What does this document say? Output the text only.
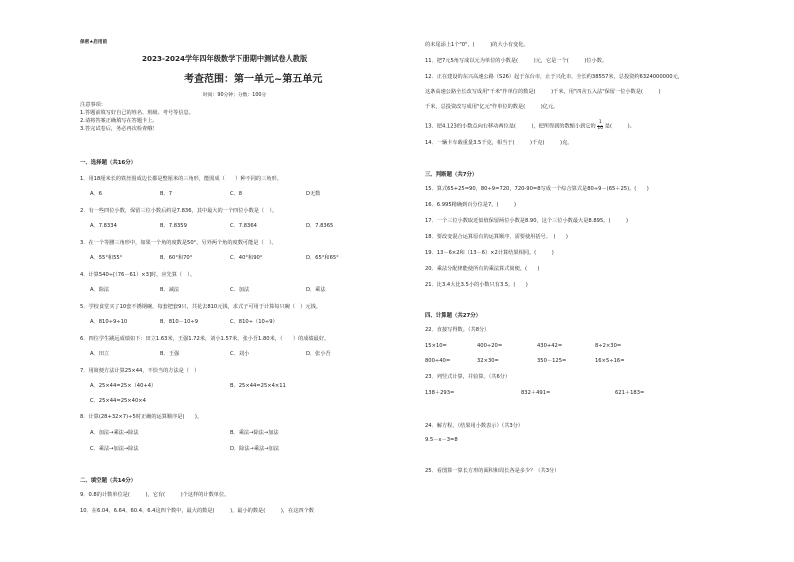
保密★启用前
2023-2024学年四年级数学下册期中测试卷人教版
考查范围：第一单元~第五单元
时间：90分钟；分数：100分
注意事项：
1.答题前填写好自己的姓名、班级、考号等信息。
2.请将答案正确填写在答题卡上。
3.答完试卷后，务必再次检查哦！
一、选择题（共16分）
1．用18厘米长的铁丝围成边长都是整厘米的三角形，能围成（　　）种不同的三角形。
A．6	B．7	C．8	D无数
2．有一些四位小数，保留三位小数后约是7.836，其中最大的一个四位小数是（　）。
A．7.8334	B．7.8359	C．7.8364	D．7.8365
3．在一个等腰三角形中，如果一个角的度数是50°，另外两个角的度数可能是（　）。
A．55°和55°	B．60°和70°	C．40°和90°	D．65°和65°
4．计算540÷[（76－61）×3]时，应先算（　）。
A．除法	B．减法	C．加法	D．乘法
5．学校食堂买了10套不锈钢碗，每套把套9只，共花去810元钱，求式子可用于计算每只碗（　）元钱。
A．810÷9÷10	B．810－10÷9	C．810÷（10÷9）
6．四位学生跳远成绩如下：田立1.63米，王强1.72米，刘小1.57米，张小吾1.80米，（　　）的成绩最好。
A．田立	B．王强	C．刘小	D．张小吾
7．用简便方法计算25×44，不恰当的方法是（　）
A．25×44=25×（40+4）	B．25×44=25×4×11
C．25×44=25×40×4
8．计算(28+32×7)÷5时正确的运算顺序是(　　)。
A．加法→乘法→除法	B．乘法→除法→加法
C．乘法→加法→除法	D．除法→乘法→加法
二、填空题（共14分）
9．0.8的计数单位是(　　　)，它有(　　　)个这样的计数单位。
10．在6.04、6.64、60.4、6.4这四个数中，最大的数是(　　　)，最小的数是(　　　)，在这四个数
的末尾添上1个"0"，(　　　)的大小有变化。
11．把7元5角写成以元为单位的小数是(　　　)元，它是一个(　　　)位小数。
12．正在建设的东兴高速公路（S26）起于东台市，止于兴化市，全长约38557米，总投资约6324000000元，
这条高速公路全长改写成用"千米"作单位的数是(　　　)千米，用"四舍五入法"保留一位小数是(　　　)
千米，总投资改写成用"亿元"作单位的数是(　　　)亿元。
13．把4.123的小数点向右移动两位是(　　　)，把所得到的数缩小到它的 $\frac{1}{10}$ 是(　　　)。
14．一辆卡车载重量3.5千克，相当于(　　　)千克(　　　)克。
三、判断题（共7分）
15．算式65+25=90，80÷9=720，720-90=8写成一个综合算式是80÷9－(65＋25)。(　　)
16．6.995精确到百分位是7。(　　　)
17．一个三位小数取近似值保留两位小数是8.90，这个三位小数最大是8.895。(　　　)
18．要改变混合运算原有的运算顺序，需要使用括号。　(　　)
19．13－6×2和（13－6）×2计算结果相同。(　　　)
20．乘法分配律能使所有的乘法算式简便。(　　)
21．比3.4大比3.5小的小数只有3.5。(　　)
四、计算题（共27分）
22．直接写得数。（共8分）
15×10=	400÷20=	430+42=	8÷2×30=
800÷40=	32×30=	350－125=	16×5÷16=
23．列竖式计算，并验算。（共6分）
138＋293=	832＋491=	621＋183=
24．解方程。（结果用小数表示）（共3分）
9.5－x－3=8
25．看图算一算长方形的面积和周长各是多少？（共3分）
